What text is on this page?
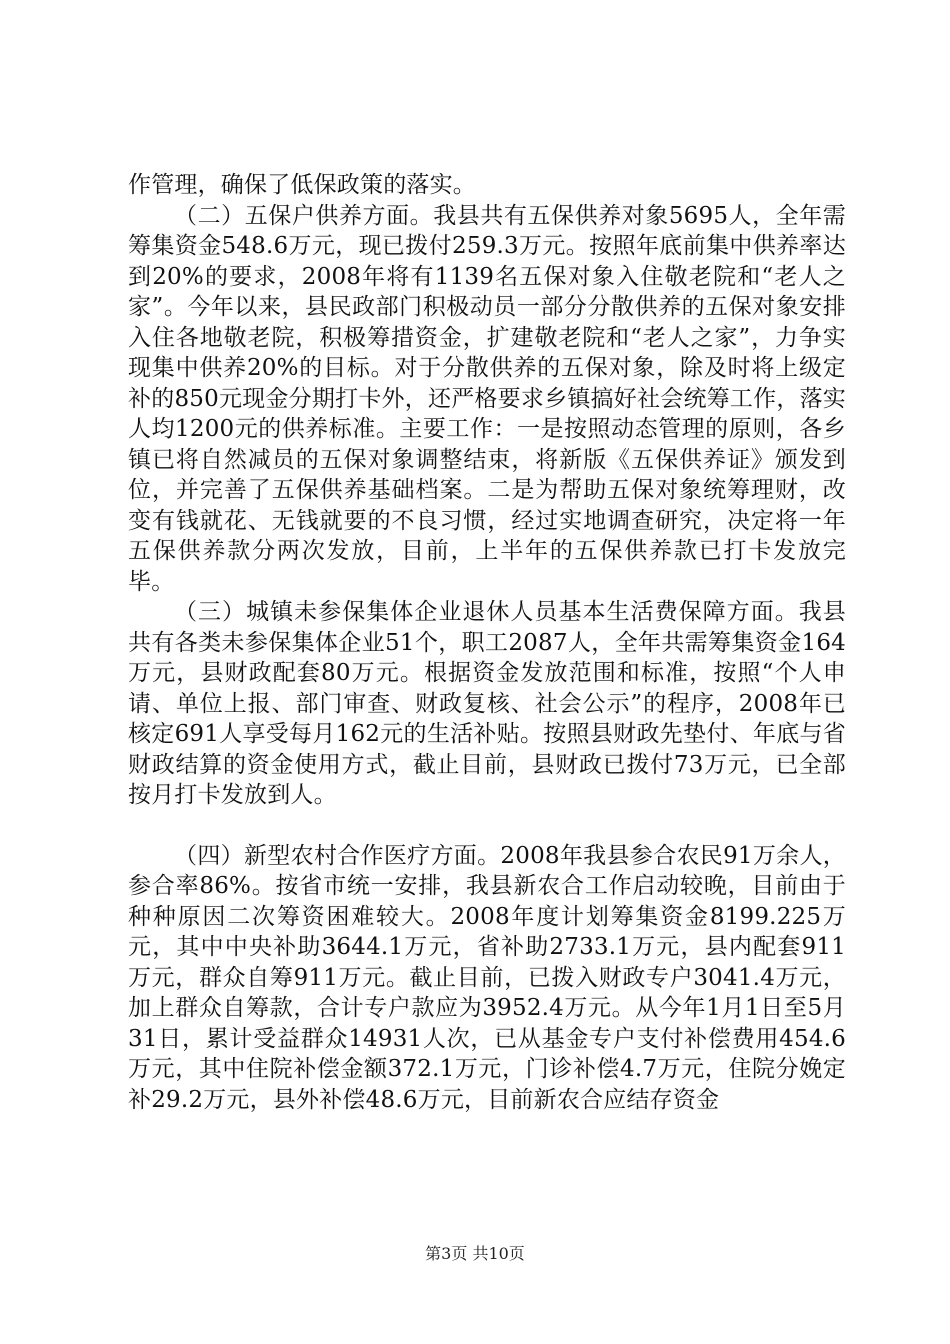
作管理，确保了低保政策的落实。

（二）五保户供养方面。我县共有五保供养对象5695人，全年需筹集资金548.6万元，现已拨付259.3万元。按照年底前集中供养率达到20%的要求，2008年将有1139名五保对象入住敬老院和“老人之家”。今年以来，县民政部门积极动员一部分分散供养的五保对象安排入住各地敬老院，积极筹措资金，扩建敬老院和“老人之家”，力争实现集中供养20%的目标。对于分散供养的五保对象，除及时将上级定补的850元现金分期打卡外，还严格要求乡镇搞好社会统筹工作，落实人均1200元的供养标准。主要工作：一是按照动态管理的原则，各乡镇已将自然减员的五保对象调整结束，将新版《五保供养证》颁发到位，并完善了五保供养基础档案。二是为帮助五保对象统筹理财，改变有钱就花、无钱就要的不良习惯，经过实地调查研究，决定将一年五保供养款分两次发放，目前，上半年的五保供养款已打卡发放完毕。

（三）城镇未参保集体企业退休人员基本生活费保障方面。我县共有各类未参保集体企业51个，职工2087人，全年共需筹集资金164万元，县财政配套80万元。根据资金发放范围和标准，按照“个人申请、单位上报、部门审查、财政复核、社会公示”的程序，2008年已核定691人享受每月162元的生活补贴。按照县财政先垫付、年底与省财政结算的资金使用方式，截止目前，县财政已拨付73万元，已全部按月打卡发放到人。

（四）新型农村合作医疗方面。2008年我县参合农民91万余人，参合率86%。按省市统一安排，我县新农合工作启动较晚，目前由于种种原因二次筹资困难较大。2008年度计划筹集资金8199.225万元，其中中央补助3644.1万元，省补助2733.1万元，县内配套911万元，群众自筹911万元。截止目前，已拨入财政专户3041.4万元，加上群众自筹款，合计专户款应为3952.4万元。从今年1月1日至5月31日，累计受益群众14931人次，已从基金专户支付补偿费用454.6万元，其中住院补偿金额372.1万元，门诊补偿4.7万元，住院分娩定补29.2万元，县外补偿48.6万元，目前新农合应结存资金

第3页 共10页
